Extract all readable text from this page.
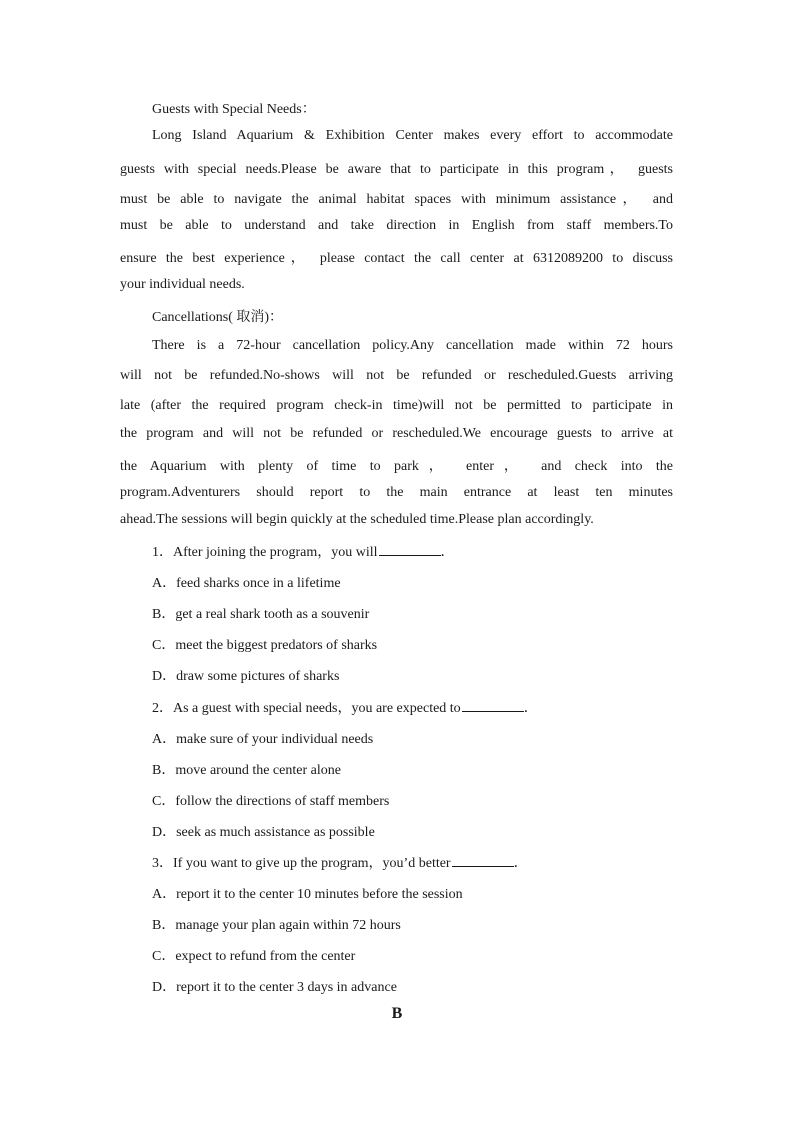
Guests with Special Needs：
Long Island Aquarium & Exhibition Center makes every effort to accommodate
guests with special needs.Please be aware that to participate in this program， guests
must be able to navigate the animal habitat spaces with minimum assistance， and
must be able to understand and take direction in English from staff members.To
ensure the best experience， please contact the call center at 6312089200 to discuss
your individual needs.
Cancellations( 取消)：
There is a 72-hour cancellation policy.Any cancellation made within 72 hours
will not be refunded.No-shows will not be refunded or rescheduled.Guests arriving
late (after the required program check-in time)will not be permitted to participate in
the program and will not be refunded or rescheduled.We encourage guests to arrive at
the Aquarium with plenty of time to park， enter， and check into the
program.Adventurers should report to the main entrance at least ten minutes
ahead.The sessions will begin quickly at the scheduled time.Please plan accordingly.
1．After joining the program，you will	．
A．feed sharks once in a lifetime
B．get a real shark tooth as a souvenir
C．meet the biggest predators of sharks
D．draw some pictures of sharks
2．As a guest with special needs，you are expected to	．
A．make sure of your individual needs
B．move around the center alone
C．follow the directions of staff members
D．seek as much assistance as possible
3．If you want to give up the program，you’d better	．
A．report it to the center 10 minutes before the session
B．manage your plan again within 72 hours
C．expect to refund from the center
D．report it to the center 3 days in advance
B
